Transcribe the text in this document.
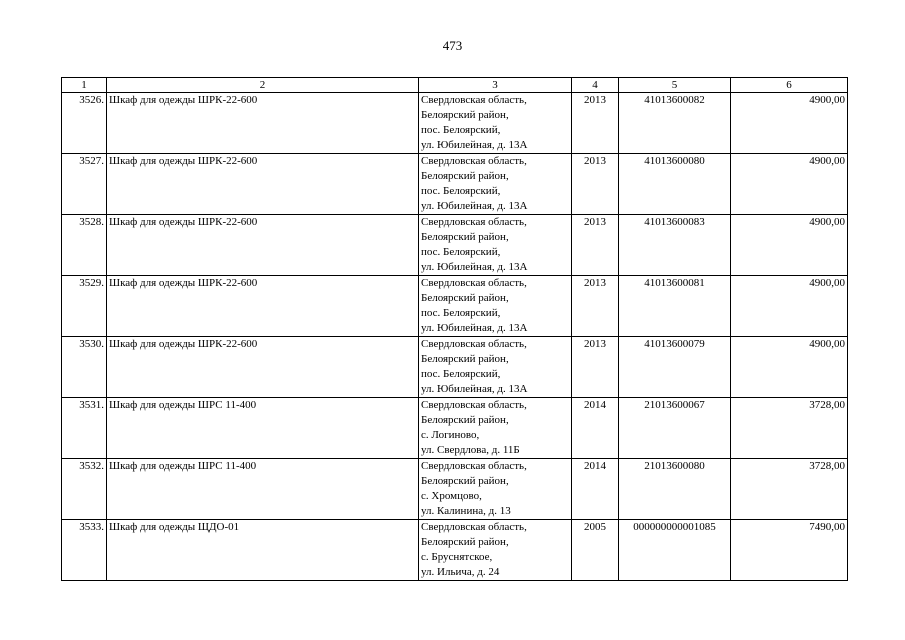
473
1	2	3	4	5	6
3526.	Шкаф для одежды ШРК-22-600	Свердловская область,
Белоярский район,
пос. Белоярский,
ул. Юбилейная, д. 13А	2013	41013600082	4900,00
3527.	Шкаф для одежды ШРК-22-600	Свердловская область,
Белоярский район,
пос. Белоярский,
ул. Юбилейная, д. 13А	2013	41013600080	4900,00
3528.	Шкаф для одежды ШРК-22-600	Свердловская область,
Белоярский район,
пос. Белоярский,
ул. Юбилейная, д. 13А	2013	41013600083	4900,00
3529.	Шкаф для одежды ШРК-22-600	Свердловская область,
Белоярский район,
пос. Белоярский,
ул. Юбилейная, д. 13А	2013	41013600081	4900,00
3530.	Шкаф для одежды ШРК-22-600	Свердловская область,
Белоярский район,
пос. Белоярский,
ул. Юбилейная, д. 13А	2013	41013600079	4900,00
3531.	Шкаф для одежды ШРС 11-400	Свердловская область,
Белоярский район,
с. Логиново,
ул. Свердлова, д. 11Б	2014	21013600067	3728,00
3532.	Шкаф для одежды ШРС 11-400	Свердловская область,
Белоярский район,
с. Хромцово,
ул. Калинина, д. 13	2014	21013600080	3728,00
3533.	Шкаф для одежды ЩДО-01	Свердловская область,
Белоярский район,
с. Бруснятское,
ул. Ильича, д. 24	2005	000000000001085	7490,00
